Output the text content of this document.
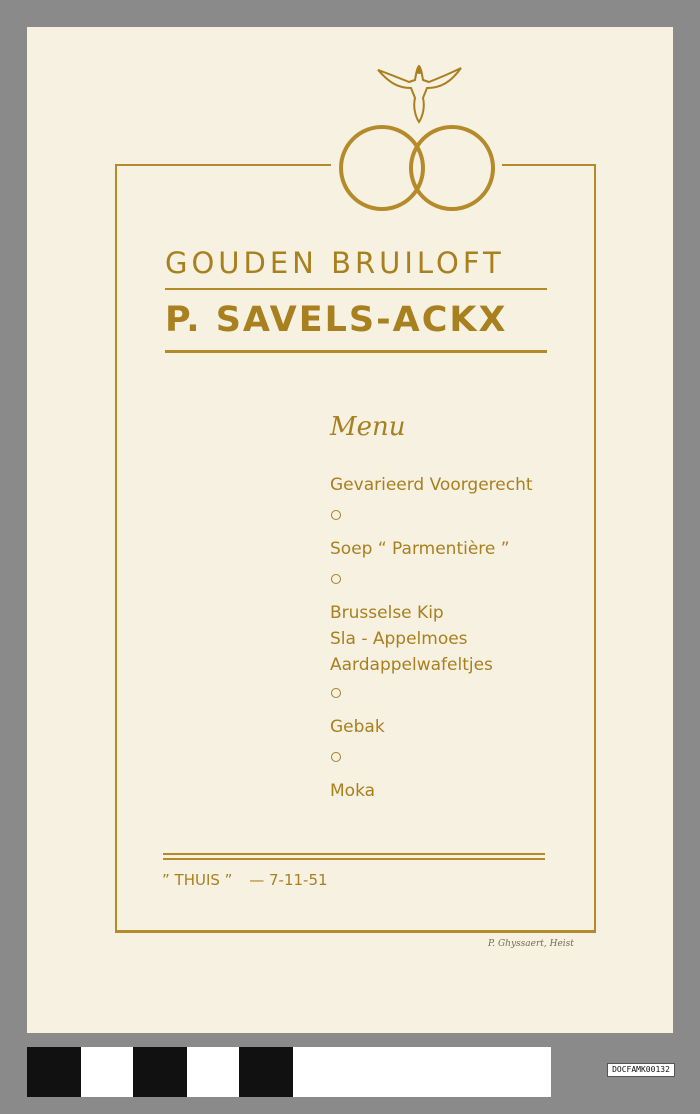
GOUDEN BRUILOFT
P. SAVELS-ACKX
Menu
Gevarieerd Voorgerecht
Soep “ Parmentière ”
Brusselse Kip
Sla - Appelmoes
Aardappelwafeltjes
Gebak
Moka
” THUIS ” — 7-11-51
P. Ghyssaert, Heist
DOCFAMK00132
